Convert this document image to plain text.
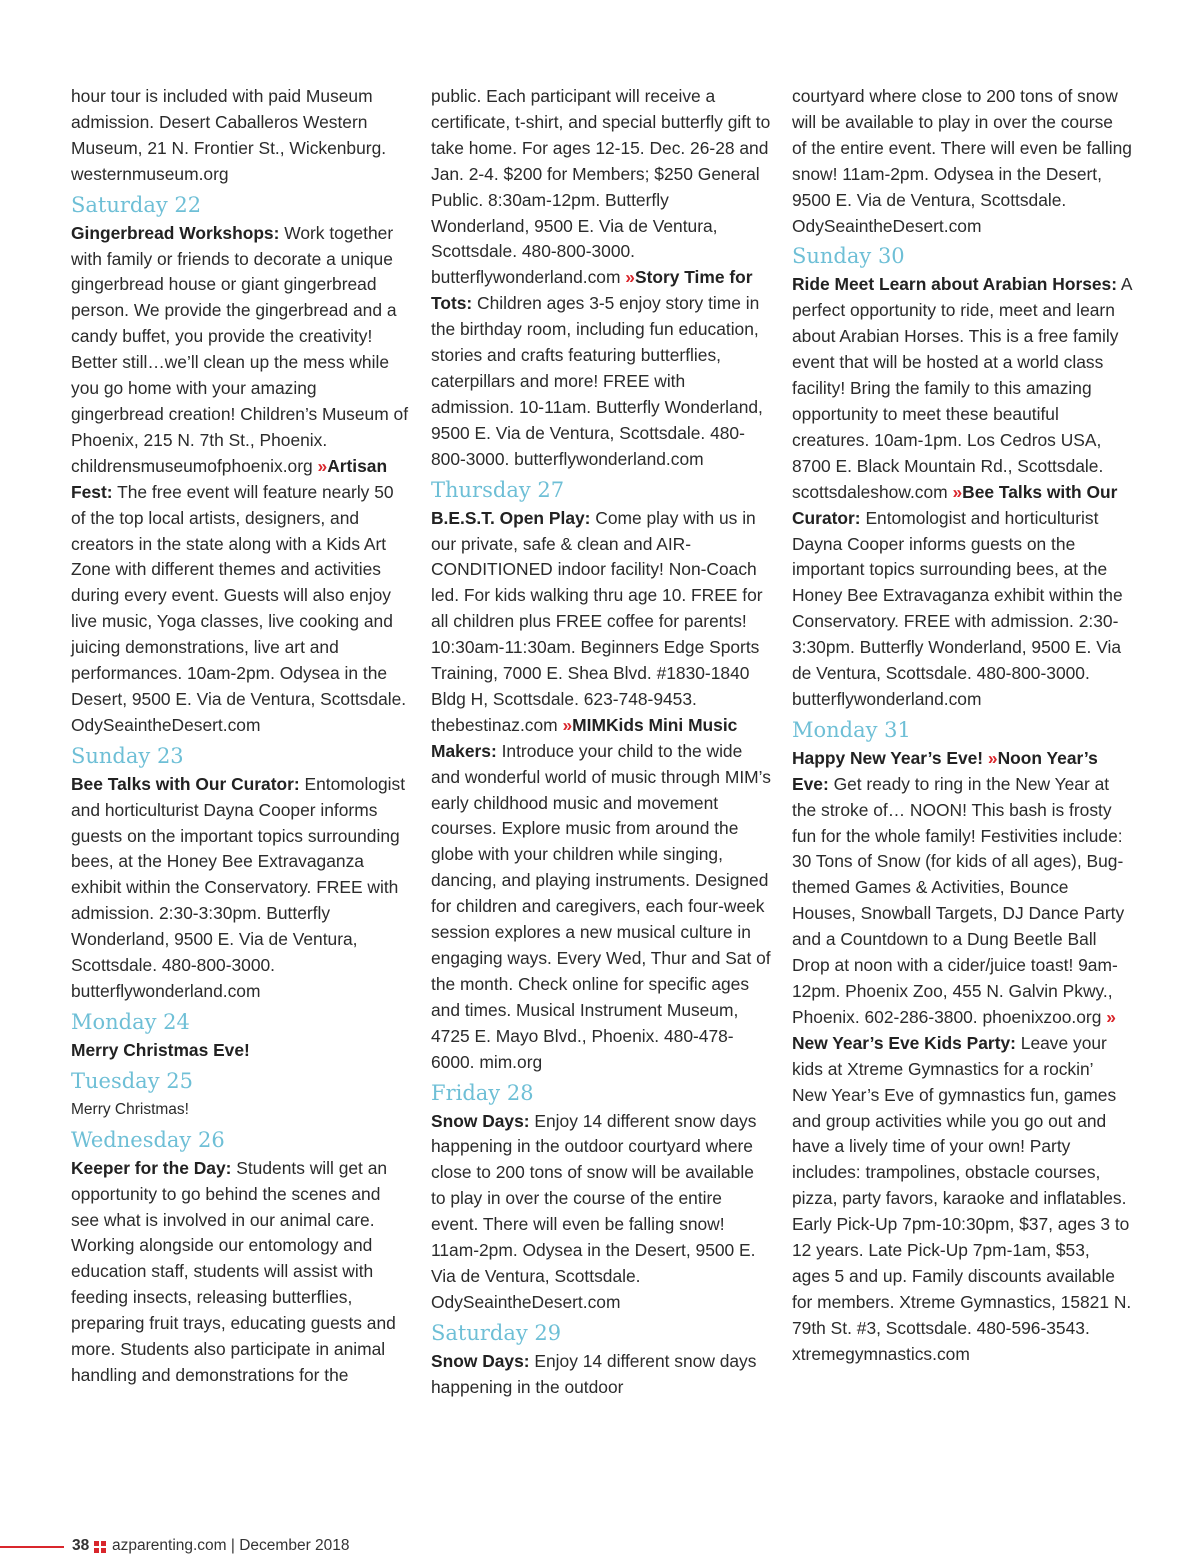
hour tour is included with paid Museum admission. Desert Caballeros Western Museum, 21 N. Frontier St., Wickenburg. westernmuseum.org

Saturday 22

Gingerbread Workshops: Work together with family or friends to decorate a unique gingerbread house or giant gingerbread person. We provide the gingerbread and a candy buffet, you provide the creativity! Better still…we’ll clean up the mess while you go home with your amazing gingerbread creation! Children’s Museum of Phoenix, 215 N. 7th St., Phoenix. childrensmuseumofphoenix.org »Artisan Fest: The free event will feature nearly 50 of the top local artists, designers, and creators in the state along with a Kids Art Zone with different themes and activities during every event. Guests will also enjoy live music, Yoga classes, live cooking and juicing demonstrations, live art and performances. 10am-2pm. Odysea in the Desert, 9500 E. Via de Ventura, Scottsdale. OdySeaintheDesert.com

Sunday 23

Bee Talks with Our Curator: Entomologist and horticulturist Dayna Cooper informs guests on the important topics surrounding bees, at the Honey Bee Extravaganza exhibit within the Conservatory. FREE with admission. 2:30-3:30pm. Butterfly Wonderland, 9500 E. Via de Ventura, Scottsdale. 480-800-3000. butterflywonderland.com

Monday 24

Merry Christmas Eve!

Tuesday 25

Merry Christmas!

Wednesday 26

Keeper for the Day: Students will get an opportunity to go behind the scenes and see what is involved in our animal care. Working alongside our entomology and education staff, students will assist with feeding insects, releasing butterflies, preparing fruit trays, educating guests and more. Students also participate in animal handling and demonstrations for the

public. Each participant will receive a certificate, t-shirt, and special butterfly gift to take home. For ages 12-15. Dec. 26-28 and Jan. 2-4. $200 for Members; $250 General Public. 8:30am-12pm. Butterfly Wonderland, 9500 E. Via de Ventura, Scottsdale. 480-800-3000. butterflywonderland.com »Story Time for Tots: Children ages 3-5 enjoy story time in the birthday room, including fun education, stories and crafts featuring butterflies, caterpillars and more! FREE with admission. 10-11am. Butterfly Wonderland, 9500 E. Via de Ventura, Scottsdale. 480-800-3000. butterflywonderland.com

Thursday 27

B.E.S.T. Open Play: Come play with us in our private, safe & clean and AIR-CONDITIONED indoor facility! Non-Coach led. For kids walking thru age 10. FREE for all children plus FREE coffee for parents! 10:30am-11:30am. Beginners Edge Sports Training, 7000 E. Shea Blvd. #1830-1840 Bldg H, Scottsdale. 623-748-9453. thebestinaz.com »MIMKids Mini Music Makers: Introduce your child to the wide and wonderful world of music through MIM’s early childhood music and movement courses. Explore music from around the globe with your children while singing, dancing, and playing instruments. Designed for children and caregivers, each four-week session explores a new musical culture in engaging ways. Every Wed, Thur and Sat of the month. Check online for specific ages and times. Musical Instrument Museum, 4725 E. Mayo Blvd., Phoenix. 480-478-6000. mim.org

Friday 28

Snow Days: Enjoy 14 different snow days happening in the outdoor courtyard where close to 200 tons of snow will be available to play in over the course of the entire event. There will even be falling snow! 11am-2pm. Odysea in the Desert, 9500 E. Via de Ventura, Scottsdale. OdySeaintheDesert.com

Saturday 29

Snow Days: Enjoy 14 different snow days happening in the outdoor

courtyard where close to 200 tons of snow will be available to play in over the course of the entire event. There will even be falling snow! 11am-2pm. Odysea in the Desert, 9500 E. Via de Ventura, Scottsdale. OdySeaintheDesert.com

Sunday 30

Ride Meet Learn about Arabian Horses: A perfect opportunity to ride, meet and learn about Arabian Horses. This is a free family event that will be hosted at a world class facility! Bring the family to this amazing opportunity to meet these beautiful creatures. 10am-1pm. Los Cedros USA, 8700 E. Black Mountain Rd., Scottsdale. scottsdaleshow.com »Bee Talks with Our Curator: Entomologist and horticulturist Dayna Cooper informs guests on the important topics surrounding bees, at the Honey Bee Extravaganza exhibit within the Conservatory. FREE with admission. 2:30-3:30pm. Butterfly Wonderland, 9500 E. Via de Ventura, Scottsdale. 480-800-3000. butterflywonderland.com

Monday 31

Happy New Year’s Eve! »Noon Year’s Eve: Get ready to ring in the New Year at the stroke of… NOON! This bash is frosty fun for the whole family! Festivities include: 30 Tons of Snow (for kids of all ages), Bug-themed Games & Activities, Bounce Houses, Snowball Targets, DJ Dance Party and a Countdown to a Dung Beetle Ball Drop at noon with a cider/juice toast! 9am-12pm. Phoenix Zoo, 455 N. Galvin Pkwy., Phoenix. 602-286-3800. phoenixzoo.org »
New Year’s Eve Kids Party: Leave your kids at Xtreme Gymnastics for a rockin’ New Year’s Eve of gymnastics fun, games and group activities while you go out and have a lively time of your own! Party includes: trampolines, obstacle courses, pizza, party favors, karaoke and inflatables. Early Pick-Up 7pm-10:30pm, $37, ages 3 to 12 years. Late Pick-Up 7pm-1am, $53, ages 5 and up. Family discounts available for members. Xtreme Gymnastics, 15821 N. 79th St. #3, Scottsdale. 480-596-3543. xtremegymnastics.com

38 azparenting.com | December 2018
